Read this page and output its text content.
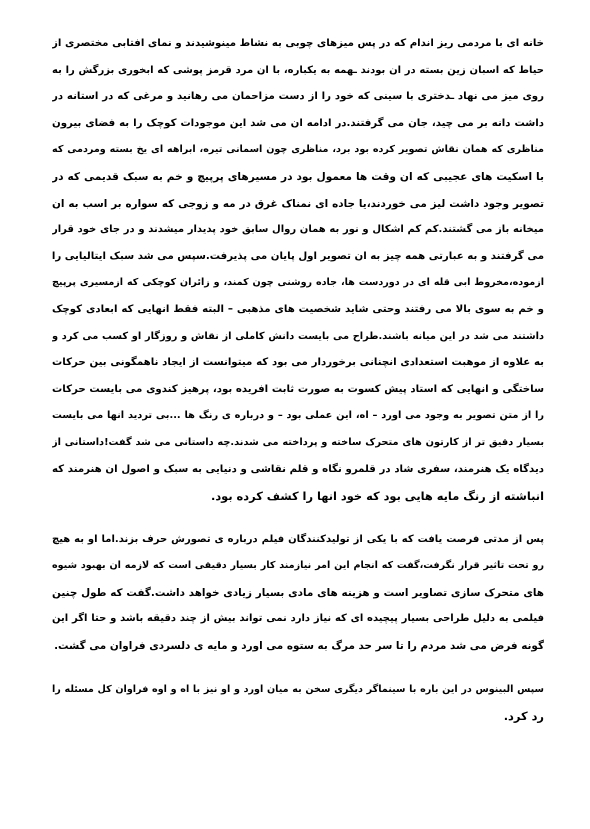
خانه ای با مردمی ریز اندام که در پس میزهای چوبی به نشاط مینوشیدند و نمای افتابی مختصری از
حیاط که اسبان زین بسته در ان بودند ـهمه به یکباره، با ان مرد قرمز پوشی که ابخوری بزرگش را به
روی میز می نهاد ـدختری با سینی که خود را از دست مزاحمان می رهانید و مرغی که در استانه در
داشت دانه بر می چید، جان می گرفتند.در ادامه ان می شد این موجودات کوچک را به فضای بیرون
مناظری که همان نقاش تصویر کرده بود برد، مناظری چون اسمانی تیره، ابراهه ای یخ بسته ومردمی که
با اسکیت های عجیبی که ان وقت ها معمول بود در مسیرهای پرپیچ و خم به سبک قدیمی که در
تصویر وجود داشت لیز می خوردند،یا جاده ای نمناک غرق در مه و زوجی که سواره بر اسب به ان
میخانه باز می گشتند.کم کم اشکال و نور به همان روال سابق خود پدیدار میشدند و در جای خود قرار
می گرفتند و به عبارتی همه چیز به ان تصویر اول پایان می پذیرفت.سپس می شد سبک ایتالیایی را
ازموده،مخروط ابی قله ای در دوردست ها، جاده روشنی چون کمند، و زائران کوچکی که ازمسیری پرپیچ
و خم به سوی بالا می رفتند وحتی شاید شخصیت های مذهبی – البته فقط انهایی که ابعادی کوچک
داشتند می شد در این میانه باشند.طراح می بایست دانش کاملی از نقاش و روزگار او کسب می کرد و
به علاوه از موهبت استعدادی انچنانی برخوردار می بود که میتوانست از ایجاد ناهمگونی بین حرکات
ساختگی و انهایی که استاد پیش کسوت به صورت ثابت افریده بود، پرهیز کندوی می بایست حرکات
را از متن تصویر به وجود می اورد – اه، این عملی بود – و درباره ی رنگ ها ...بی تردید انها می بایست
بسیار دقیق تر از کارتون های متحرک ساخته و پرداخته می شدند.چه داستانی می شد گفت!داستانی از
دیدگاه یک هنرمند، سفری شاد در قلمرو نگاه و قلم نقاشی و دنیایی به سبک و اصول ان هنرمند که
انباشته از رنگ مایه هایی بود که خود انها را کشف کرده بود.
پس از مدتی فرصت یافت که با یکی از تولیدکنندگان فیلم درباره ی تصورش حرف بزند.اما او به هیچ
رو تحت تاثیر قرار نگرفت،گفت که انجام این امر نیازمند کار بسیار دقیقی است که لازمه ان بهبود شیوه
های متحرک سازی تصاویر است و هزینه های مادی بسیار زیادی خواهد داشت.گفت که طول چنین
فیلمی به دلیل طراحی بسیار پیچیده ای که نیاز دارد نمی تواند بیش از چند دقیقه باشد و حتا اگر این
گونه فرض می شد مردم را تا سر حد مرگ به ستوه می اورد و مایه ی دلسردی فراوان می گشت.
سپس البینوس در این باره با سینماگر دیگری سخن به میان اورد و او نیز با اه و اوه فراوان کل مسئله را
رد کرد.
